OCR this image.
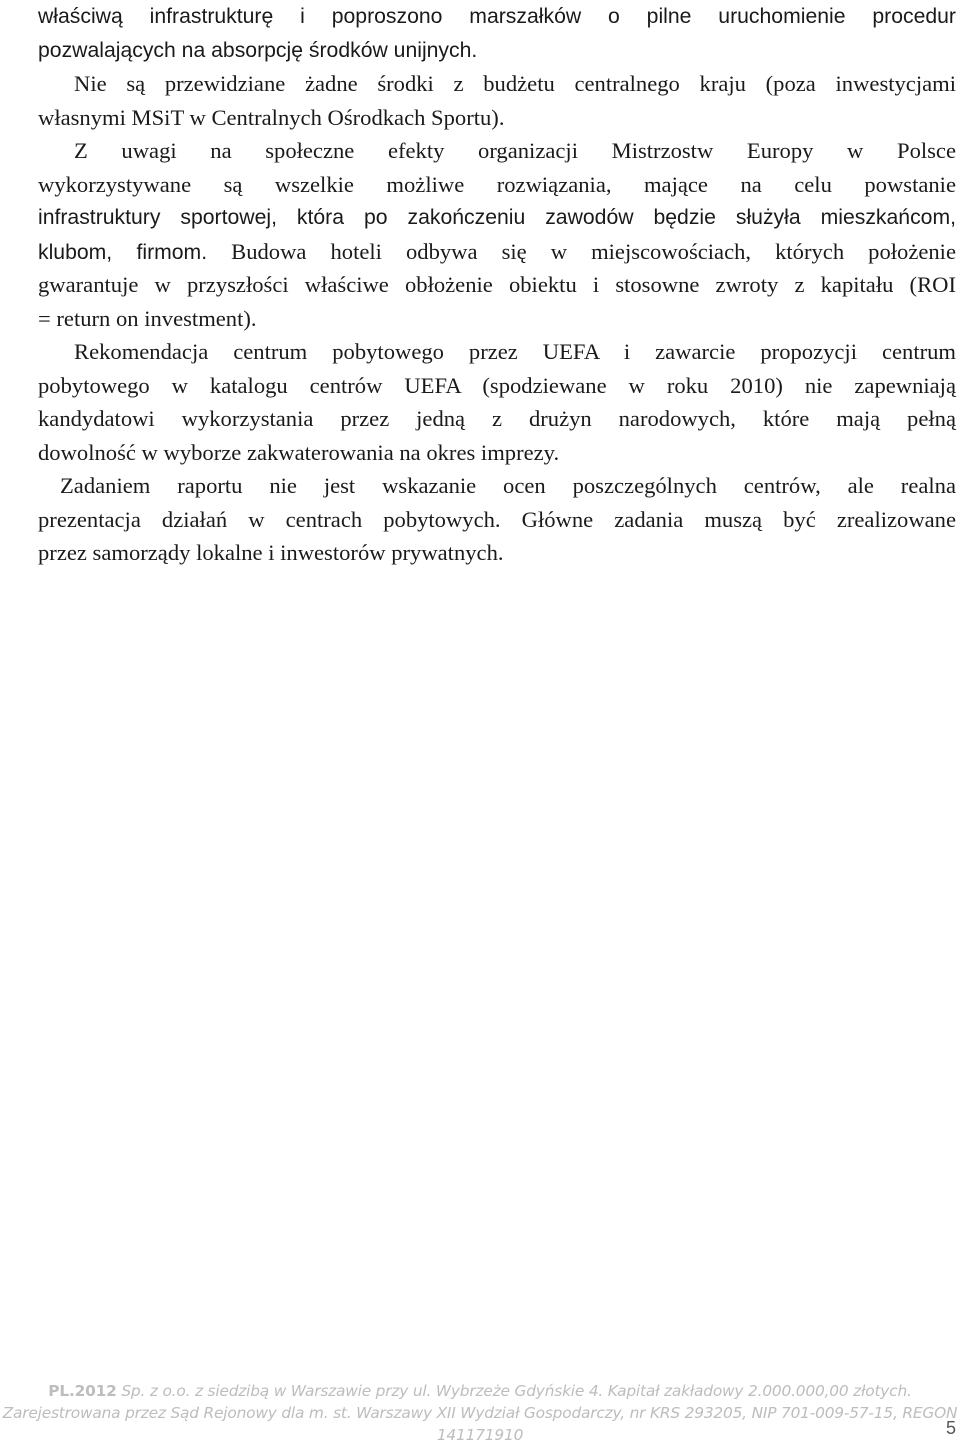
właściwą infrastrukturę i poproszono marszałków o pilne uruchomienie procedur
pozwalających na absorpcję środków unijnych.
Nie są przewidziane żadne środki z budżetu centralnego kraju (poza inwestycjami
własnymi MSiT w Centralnych Ośrodkach Sportu).
Z uwagi na społeczne efekty organizacji Mistrzostw Europy w Polsce
wykorzystywane są wszelkie możliwe rozwiązania, mające na celu powstanie
infrastruktury sportowej, która po zakończeniu zawodów będzie służyła mieszkańcom,
klubom, firmom. Budowa hoteli odbywa się w miejscowościach, których położenie
gwarantuje w przyszłości właściwe obłożenie obiektu i stosowne zwroty z kapitału (ROI
= return on investment).
Rekomendacja centrum pobytowego przez UEFA i zawarcie propozycji centrum
pobytowego w katalogu centrów UEFA (spodziewane w roku 2010) nie zapewniają
kandydatowi wykorzystania przez jedną z drużyn narodowych, które mają pełną
dowolność w wyborze zakwaterowania na okres imprezy.
Zadaniem raportu nie jest wskazanie ocen poszczególnych centrów, ale realna
prezentacja działań w centrach pobytowych. Główne zadania muszą być zrealizowane
przez samorządy lokalne i inwestorów prywatnych.
PL.2012 Sp. z o.o. z siedzibą w Warszawie przy ul. Wybrzeże Gdyńskie 4. Kapitał zakładowy 2.000.000,00 złotych.
Zarejestrowana przez Sąd Rejonowy dla m. st. Warszawy XII Wydział Gospodarczy, nr KRS 293205, NIP 701-009-57-15, REGON 141171910	5
